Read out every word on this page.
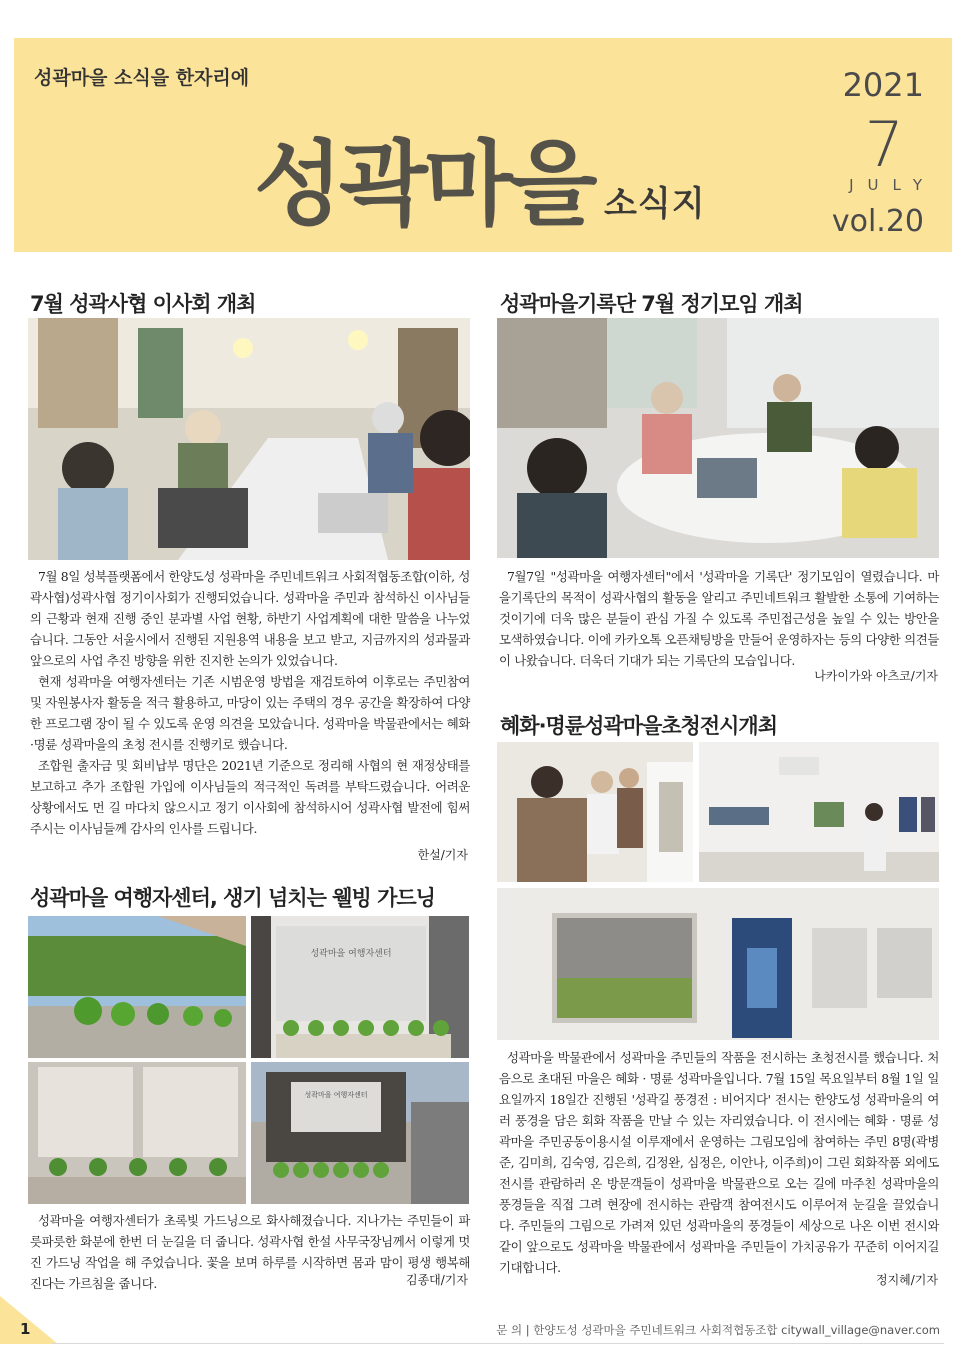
성곽마을 소식을 한자리에
성곽마을 소식지
2021
7
JULY
vol.20
7월 성곽사협 이사회 개최

7월 8일 성북플랫폼에서 한양도성 성곽마을 주민네트워크 사회적협동조합(이하, 성곽사협)성곽사협 정기이사회가 진행되었습니다. 성곽마을 주민과 참석하신 이사님들의 근황과 현재 진행 중인 분과별 사업 현황, 하반기 사업계획에 대한 말씀을 나누었습니다. 그동안 서울시에서 진행된 지원용역 내용을 보고 받고, 지금까지의 성과물과 앞으로의 사업 추진 방향을 위한 진지한 논의가 있었습니다.

현재 성곽마을 여행자센터는 기존 시범운영 방법을 재검토하여 이후로는 주민참여 및 자원봉사자 활동을 적극 활용하고, 마당이 있는 주택의 경우 공간을 확장하여 다양한 프로그램 장이 될 수 있도록 운영 의견을 모았습니다. 성곽마을 박물관에서는 혜화·명륜 성곽마을의 초청 전시를 진행키로 했습니다.

조합원 출자금 및 회비납부 명단은 2021년 기준으로 정리해 사협의 현 재정상태를 보고하고 추가 조합원 가입에 이사님들의 적극적인 독려를 부탁드렸습니다. 어려운 상황에서도 먼 길 마다치 않으시고 정기 이사회에 참석하시어 성곽사협 발전에 힘써 주시는 이사님들께 감사의 인사를 드립니다.

한설/기자
성곽마을 여행자센터, 생기 넘치는 웰빙 가드닝
성곽마을 여행자센터
성곽마을 여행자센터

성곽마을 여행자센터가 초록빛 가드닝으로 화사해졌습니다. 지나가는 주민들이 파릇파릇한 화분에 한번 더 눈길을 더 줍니다. 성곽사협 한설 사무국장님께서 이렇게 멋진 가드닝 작업을 해 주었습니다. 꽃을 보며 하루를 시작하면 몸과 맘이 평생 행복해진다는 가르침을 줍니다.	김종대/기자
성곽마을기록단 7월 정기모임 개최

7월7일 "성곽마을 여행자센터"에서 '성곽마을 기록단' 정기모임이 열렸습니다. 마을기록단의 목적이 성곽사협의 활동을 알리고 주민네트워크 활발한 소통에 기여하는 것이기에 더욱 많은 분들이 관심 가질 수 있도록 주민접근성을 높일 수 있는 방안을 모색하였습니다. 이에 카카오톡 오픈채팅방을 만들어 운영하자는 등의 다양한 의견들이 나왔습니다. 더욱더 기대가 되는 기록단의 모습입니다.

나카이가와 아츠코/기자
혜화·명륜성곽마을초청전시개최

성곽마을 박물관에서 성곽마을 주민들의 작품을 전시하는 초청전시를 했습니다. 처음으로 초대된 마을은 혜화 · 명륜 성곽마을입니다. 7월 15일 목요일부터 8월 1일 일요일까지 18일간 진행된 '성곽길 풍경전 : 비어지다' 전시는 한양도성 성곽마을의 여러 풍경을 담은 회화 작품을 만날 수 있는 자리였습니다. 이 전시에는 혜화 · 명륜 성곽마을 주민공동이용시설 이루재에서 운영하는 그림모임에 참여하는 주민 8명(곽병준, 김미희, 김숙영, 김은희, 김정완, 심정은, 이안나, 이주희)이 그린 회화작품 외에도 전시를 관람하러 온 방문객들이 성곽마을 박물관으로 오는 길에 마주친 성곽마을의 풍경들을 직접 그려 현장에 전시하는 관람객 참여전시도 이루어져 눈길을 끌었습니다. 주민들의 그림으로 가려져 있던 성곽마을의 풍경들이 세상으로 나온 이번 전시와 같이 앞으로도 성곽마을 박물관에서 성곽마을 주민들이 가치공유가 꾸준히 이어지길 기대합니다.

정지혜/기자
1	문 의 | 한양도성 성곽마을 주민네트워크 사회적협동조합 citywall_village@naver.com
